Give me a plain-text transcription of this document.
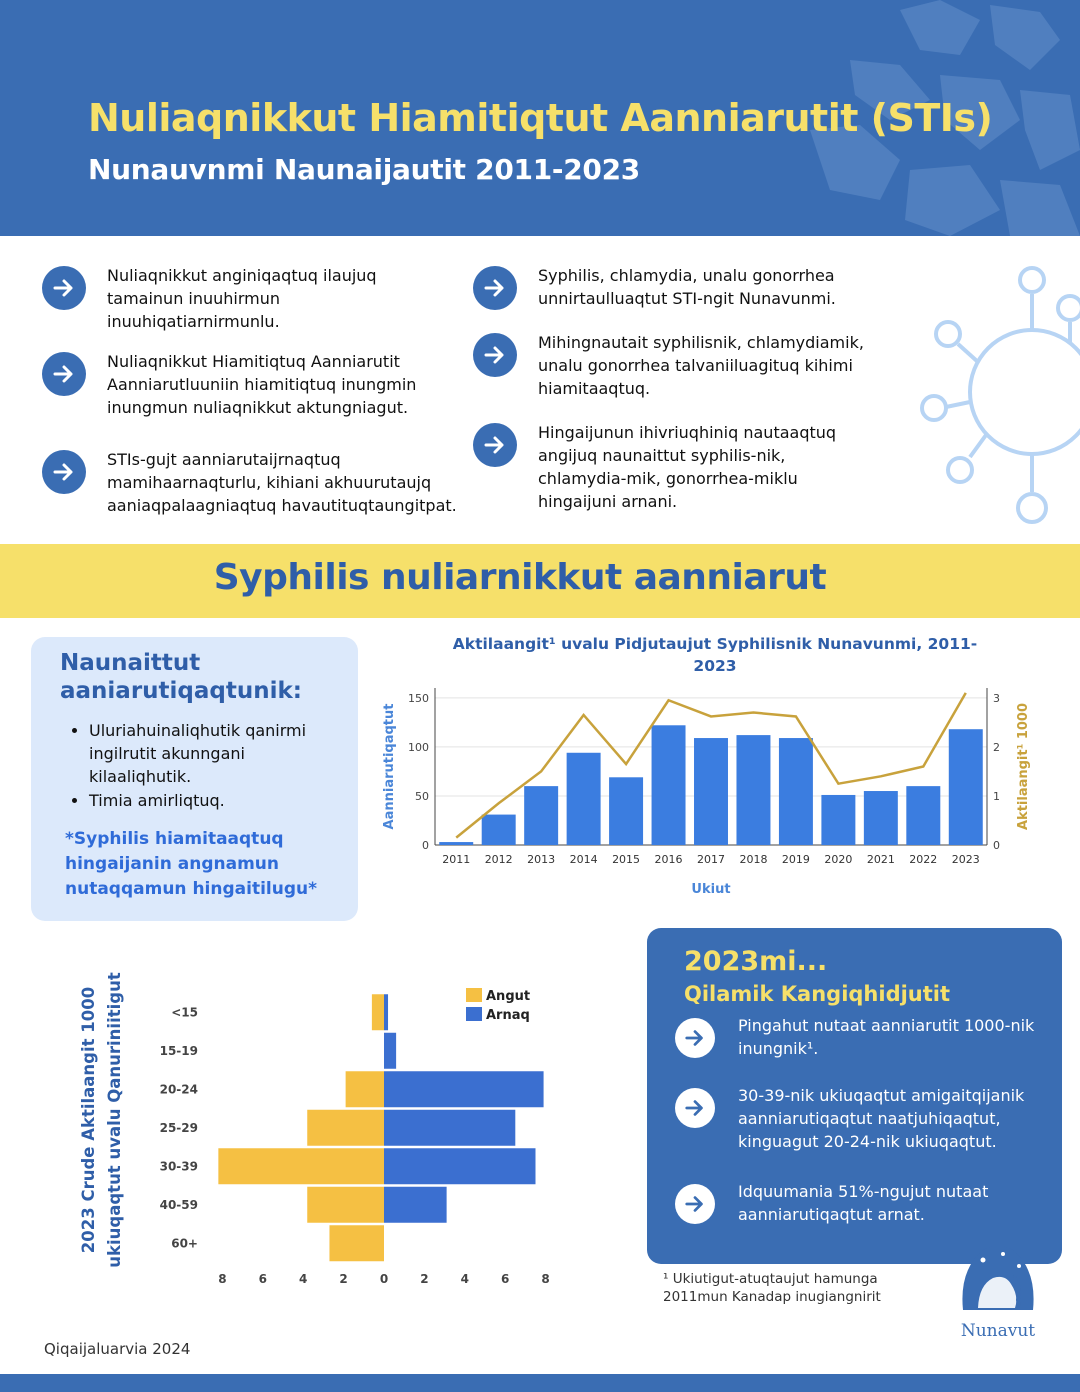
Nuliaqnikkut Hiamitiqtut Aanniarutit (STIs)
Nunauvnmi Naunaijautit 2011-2023
Nuliaqnikkut anginiqaqtuq ilaujuq tamainun inuuhirmun inuuhiqatiarnirmunlu.
Nuliaqnikkut Hiamitiqtuq Aanniarutit Aanniarutluuniin hiamitiqtuq inungmin inungmun nuliaqnikkut aktungniagut.
STIs-gujt aanniarutaijrnaqtuq mamihaarnaqturlu, kihiani akhuurutaujq aaniaqpalaagniaqtuq havautituqtaungitpat.
Syphilis, chlamydia, unalu gonorrhea unnirtaulluaqtut STI-ngit Nunavunmi.
Mihingnautait syphilisnik, chlamydiamik, unalu gonorrhea talvaniiluagituq kihimi hiamitaaqtuq.
Hingaijunun ihivriuqhiniq nautaaqtuq angijuq naunaittut syphilis-nik, chlamydia-mik, gonorrhea-miklu hingaijuni arnani.
Syphilis nuliarnikkut aanniarut
Naunaittut aaniarutiqaqtunik:
• Uluriahuinaliqhutik qanirmi ingilrutit akunngani kilaaliqhutik.
• Timia amirliqtuq.
*Syphilis hiamitaaqtuq hingaijanin angnamun nutaqqamun hingaitilugu*
Aktilaangit¹ uvalu Pidjutaujut Syphilisnik Nunavunmi, 2011-2023
0
50
100
150
0
1
2
3
2011 2012 2013 2014 2015 2016 2017 2018 2019 2020 2021 2022 2023
Ukiut
Aanniarutiqaqtut	Aktilaangit¹ 1000
<15
15-19
20-24
25-29
30-39
40-59
60+
8	6	4	2	0	2	4	6	8
Angut
Arnaq
2023 Crude Aktilaangit 1000 ukiuqaqtut uvalu Qanuriniitigut
2023mi...
Qilamik Kangiqhidjutit
Pingahut nutaat aanniarutit 1000-nik inungnik¹.
30-39-nik ukiuqaqtut amigaitqijanik aanniarutiqaqtut naatjuhiqaqtut, kinguagut 20-24-nik ukiuqaqtut.
Idquumania 51%-ngujut nutaat aanniarutiqaqtut arnat.
¹ Ukiutigut-atuqtaujut hamunga
2011mun Kanadap inugiangnirit	ᓄᓇᕗᑦ
Nunavut
Qiqaijaluarvia 2024
